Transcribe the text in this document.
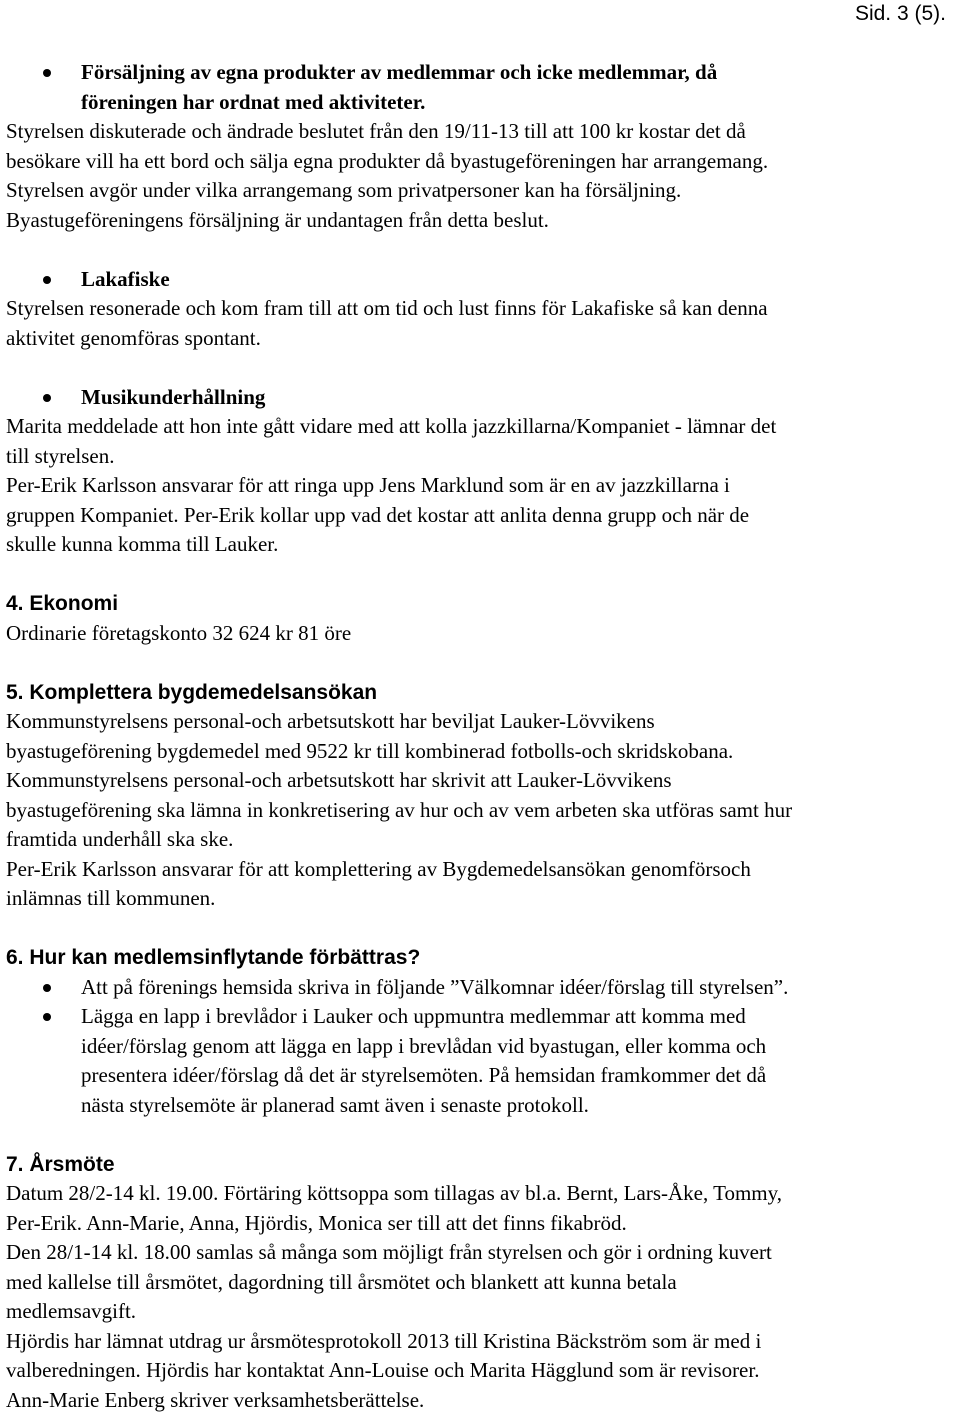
Sid. 3 (5).
Försäljning av egna produkter av medlemmar och icke medlemmar, då
föreningen har ordnat med aktiviteter.

Styrelsen diskuterade och ändrade beslutet från den 19/11-13 till att 100 kr kostar det då

besökare vill ha ett bord och sälja egna produkter då byastugeföreningen har arrangemang.

Styrelsen avgör under vilka arrangemang som privatpersoner kan ha försäljning.

Byastugeföreningens försäljning är undantagen från detta beslut.

Lakafiske

Styrelsen resonerade och kom fram till att om tid och lust finns för Lakafiske så kan denna

aktivitet genomföras spontant.

Musikunderhållning

Marita meddelade att hon inte gått vidare med att kolla jazzkillarna/Kompaniet - lämnar det

till styrelsen.

Per-Erik Karlsson ansvarar för att ringa upp Jens Marklund som är en av jazzkillarna i

gruppen Kompaniet. Per-Erik kollar upp vad det kostar att anlita denna grupp och när de

skulle kunna komma till Lauker.

4. Ekonomi

Ordinarie företagskonto 32 624 kr 81 öre

5. Komplettera bygdemedelsansökan

Kommunstyrelsens personal-och arbetsutskott har beviljat Lauker-Lövvikens

byastugeförening bygdemedel med 9522 kr till kombinerad fotbolls-och skridskobana.

Kommunstyrelsens personal-och arbetsutskott har skrivit att Lauker-Lövvikens

byastugeförening ska lämna in konkretisering av hur och av vem arbeten ska utföras samt hur

framtida underhåll ska ske.

Per-Erik Karlsson ansvarar för att komplettering av Bygdemedelsansökan genomförsoch

inlämnas till kommunen.

6. Hur kan medlemsinflytande förbättras?

Att på förenings hemsida skriva in följande ”Välkomnar idéer/förslag till styrelsen”.
Lägga en lapp i brevlådor i Lauker och uppmuntra medlemmar att komma med
idéer/förslag genom att lägga en lapp i brevlådan vid byastugan, eller komma och
presentera idéer/förslag då det är styrelsemöten. På hemsidan framkommer det då
nästa styrelsemöte är planerad samt även i senaste protokoll.

7. Årsmöte

Datum 28/2-14 kl. 19.00. Förtäring köttsoppa som tillagas av bl.a. Bernt, Lars-Åke, Tommy,

Per-Erik. Ann-Marie, Anna, Hjördis, Monica ser till att det finns fikabröd.

Den 28/1-14 kl. 18.00 samlas så många som möjligt från styrelsen och gör i ordning kuvert

med kallelse till årsmötet, dagordning till årsmötet och blankett att kunna betala

medlemsavgift.

Hjördis har lämnat utdrag ur årsmötesprotokoll 2013 till Kristina Bäckström som är med i

valberedningen. Hjördis har kontaktat Ann-Louise och Marita Hägglund som är revisorer.

Ann-Marie Enberg skriver verksamhetsberättelse.
